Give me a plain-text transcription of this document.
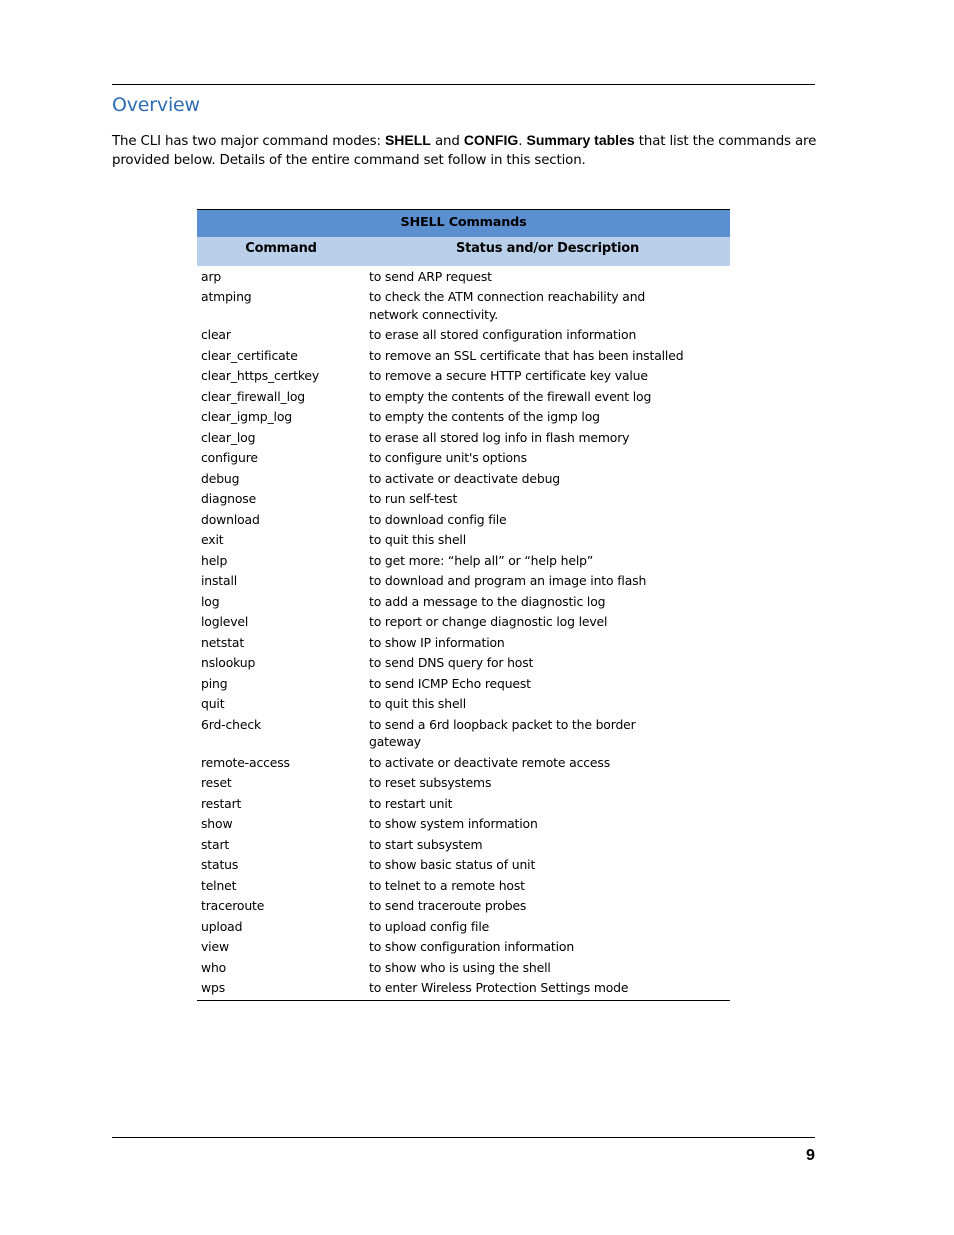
Overview

The CLI has two major command modes: SHELL and CONFIG. Summary tables that list the commands are provided below. Details of the entire command set follow in this section.

SHELL Commands
Command	Status and/or Description
arp	to send ARP request
atmping	to check the ATM connection reachability and network connectivity.
clear	to erase all stored configuration information
clear_certificate	to remove an SSL certificate that has been installed
clear_https_certkey	to remove a secure HTTP certificate key value
clear_firewall_log	to empty the contents of the firewall event log
clear_igmp_log	to empty the contents of the igmp log
clear_log	to erase all stored log info in flash memory
configure	to configure unit's options
debug	to activate or deactivate debug
diagnose	to run self-test
download	to download config file
exit	to quit this shell
help	to get more: “help all” or “help help”
install	to download and program an image into flash
log	to add a message to the diagnostic log
loglevel	to report or change diagnostic log level
netstat	to show IP information
nslookup	to send DNS query for host
ping	to send ICMP Echo request
quit	to quit this shell
6rd-check	to send a 6rd loopback packet to the border gateway
remote-access	to activate or deactivate remote access
reset	to reset subsystems
restart	to restart unit
show	to show system information
start	to start subsystem
status	to show basic status of unit
telnet	to telnet to a remote host
traceroute	to send traceroute probes
upload	to upload config file
view	to show configuration information
who	to show who is using the shell
wps	to enter Wireless Protection Settings mode
9
